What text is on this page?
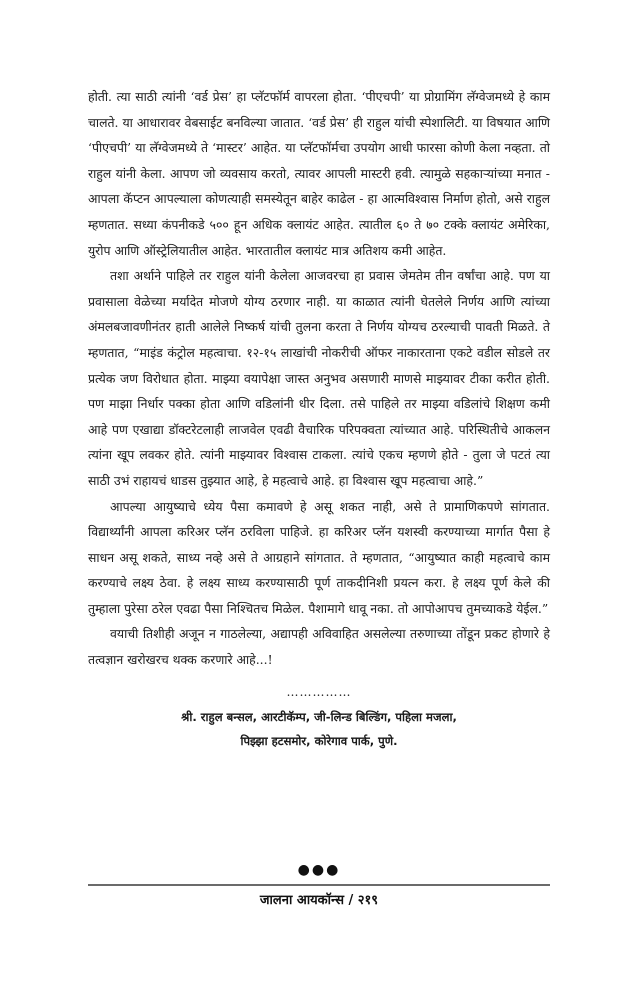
होती. त्या साठी त्यांनी ‘वर्ड प्रेस’ हा प्लॅटफॉर्म वापरला होता. ‘पीएचपी’ या प्रोग्रामिंग लॅग्वेजमध्ये हे काम चालते. या आधारावर वेबसाईट बनविल्या जातात. ‘वर्ड प्रेस’ ही राहुल यांची स्पेशालिटी. या विषयात आणि ‘पीएचपी’ या लॅग्वेजमध्ये ते ‘मास्टर’ आहेत. या प्लॅटफॉर्मचा उपयोग आधी फारसा कोणी केला नव्हता. तो राहुल यांनी केला. आपण जो व्यवसाय करतो, त्यावर आपली मास्टरी हवी. त्यामुळे सहकाऱ्यांच्या मनात - आपला कॅप्टन आपल्याला कोणत्याही समस्येतून बाहेर काढेल - हा आत्मविश्वास निर्माण होतो, असे राहुल म्हणतात. सध्या कंपनीकडे ५०० हून अधिक क्लायंट आहेत. त्यातील ६० ते ७० टक्के क्लायंट अमेरिका, युरोप आणि ऑस्ट्रेलियातील आहेत. भारतातील क्लायंट मात्र अतिशय कमी आहेत.

तशा अर्थाने पाहिले तर राहुल यांनी केलेला आजवरचा हा प्रवास जेमतेम तीन वर्षांचा आहे. पण या प्रवासाला वेळेच्या मर्यादेत मोजणे योग्य ठरणार नाही. या काळात त्यांनी घेतलेले निर्णय आणि त्यांच्या अंमलबजावणीनंतर हाती आलेले निष्कर्ष यांची तुलना करता ते निर्णय योग्यच ठरल्याची पावती मिळते. ते म्हणतात, “माइंड कंट्रोल महत्वाचा. १२-१५ लाखांची नोकरीची ऑफर नाकारताना एकटे वडील सोडले तर प्रत्येक जण विरोधात होता. माझ्या वयापेक्षा जास्त अनुभव असणारी माणसे माझ्यावर टीका करीत होती. पण माझा निर्धार पक्का होता आणि वडिलांनी धीर दिला. तसे पाहिले तर माझ्या वडिलांचे शिक्षण कमी आहे पण एखाद्या डॉक्टरेटलाही लाजवेल एवढी वैचारिक परिपक्वता त्यांच्यात आहे. परिस्थितीचे आकलन त्यांना खूप लवकर होते. त्यांनी माझ्यावर विश्वास टाकला. त्यांचे एकच म्हणणे होते - तुला जे पटतं त्या साठी उभं राहायचं धाडस तुझ्यात आहे, हे महत्वाचे आहे. हा विश्वास खूप महत्वाचा आहे.”

आपल्या आयुष्याचे ध्येय पैसा कमावणे हे असू शकत नाही, असे ते प्रामाणिकपणे सांगतात. विद्यार्थ्यांनी आपला करिअर प्लॅन ठरविला पाहिजे. हा करिअर प्लॅन यशस्वी करण्याच्या मार्गात पैसा हे साधन असू शकते, साध्य नव्हे असे ते आग्रहाने सांगतात. ते म्हणतात, “आयुष्यात काही महत्वाचे काम करण्याचे लक्ष्य ठेवा. हे लक्ष्य साध्य करण्यासाठी पूर्ण ताकदीनिशी प्रयत्न करा. हे लक्ष्य पूर्ण केले की तुम्हाला पुरेसा ठरेल एवढा पैसा निश्चितच मिळेल. पैशामागे धावू नका. तो आपोआपच तुमच्याकडे येईल.”

वयाची तिशीही अजून न गाठलेल्या, अद्यापही अविवाहित असलेल्या तरुणाच्या तोंडून प्रकट होणारे हे तत्वज्ञान खरोखरच थक्क करणारे आहे...!

……………
श्री. राहुल बन्सल, आरटीकॅम्प, जी-लिन्ड बिल्डिंग, पहिला मजला,
पिझ्झा हटसमोर, कोरेगाव पार्क, पुणे.
●●●
जालना आयकॉन्स / २१९
